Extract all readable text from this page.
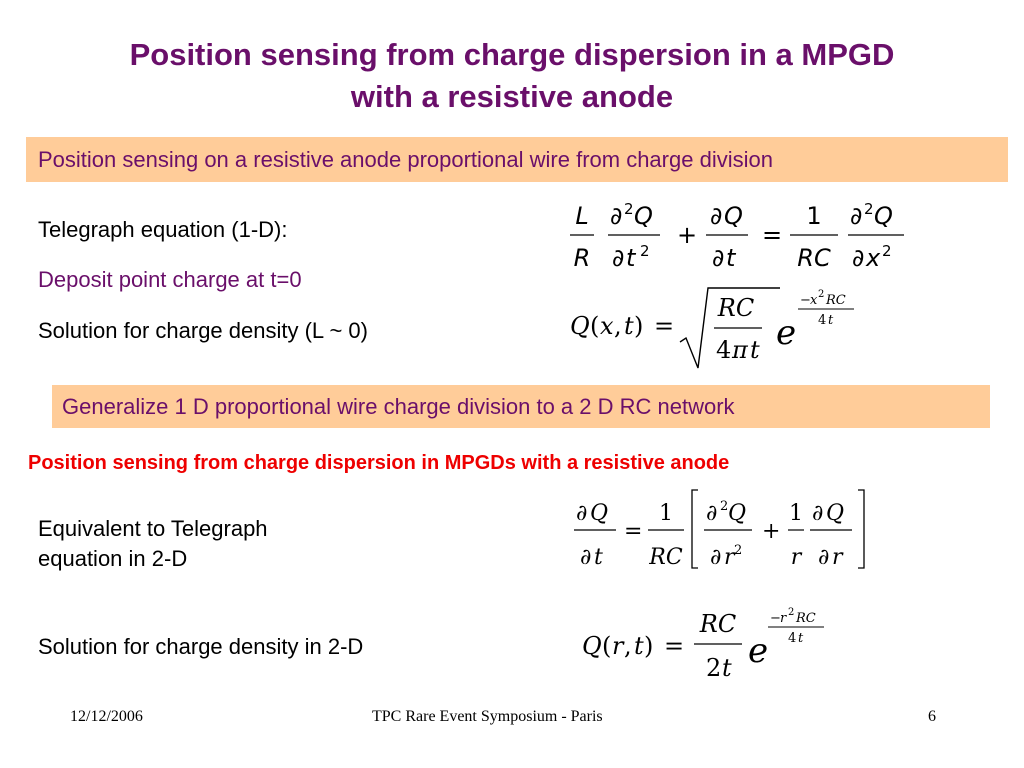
Position sensing from charge dispersion in a MPGD
with a resistive anode
Position sensing on a resistive anode proportional wire from charge division
Telegraph equation (1-D):
Deposit point charge at t=0
Solution for charge density (L ~ 0)
L
R
∂ 2 Q
∂ t 2
+
∂ Q
∂ t
=
1
RC
∂ 2 Q
∂ x 2
Q ( x , t ) =
RC
4 π t e
− x 2 RC
4 t
Generalize 1 D proportional wire charge division to a 2 D RC network
Position sensing from charge dispersion in MPGDs with a resistive anode
Equivalent to Telegraph
equation in 2-D
∂ Q
∂ t
=
1
RC
∂ 2 Q
∂ r 2
+
1
r
∂ Q
∂ r
Solution for charge density in 2-D	Q ( r , t ) =
RC
2 t e
− r 2 RC
4 t
12/12/2006	TPC Rare Event Symposium - Paris	6
